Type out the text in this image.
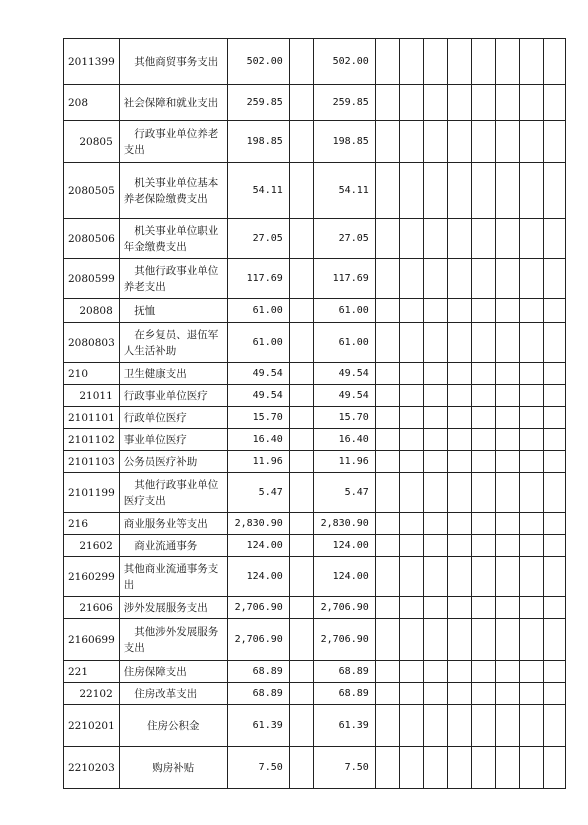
2011399	其他商贸事务支出	502.00		502.00								
208	社会保障和就业支出	259.85		259.85								
20805	行政事业单位养老支出	198.85		198.85								
2080505	机关事业单位基本养老保险缴费支出	54.11		54.11								
2080506	机关事业单位职业年金缴费支出	27.05		27.05								
2080599	其他行政事业单位养老支出	117.69		117.69								
20808	抚恤	61.00		61.00								
2080803	在乡复员、退伍军人生活补助	61.00		61.00								
210	卫生健康支出	49.54		49.54								
21011	行政事业单位医疗	49.54		49.54								
2101101	行政单位医疗	15.70		15.70								
2101102	事业单位医疗	16.40		16.40								
2101103	公务员医疗补助	11.96		11.96								
2101199	其他行政事业单位医疗支出	5.47		5.47								
216	商业服务业等支出	2,830.90		2,830.90								
21602	商业流通事务	124.00		124.00								
2160299	其他商业流通事务支出	124.00		124.00								
21606	涉外发展服务支出	2,706.90		2,706.90								
2160699	其他涉外发展服务支出	2,706.90		2,706.90								
221	住房保障支出	68.89		68.89								
22102	住房改革支出	68.89		68.89								
2210201	住房公积金	61.39		61.39								
2210203	购房补贴	7.50		7.50								
